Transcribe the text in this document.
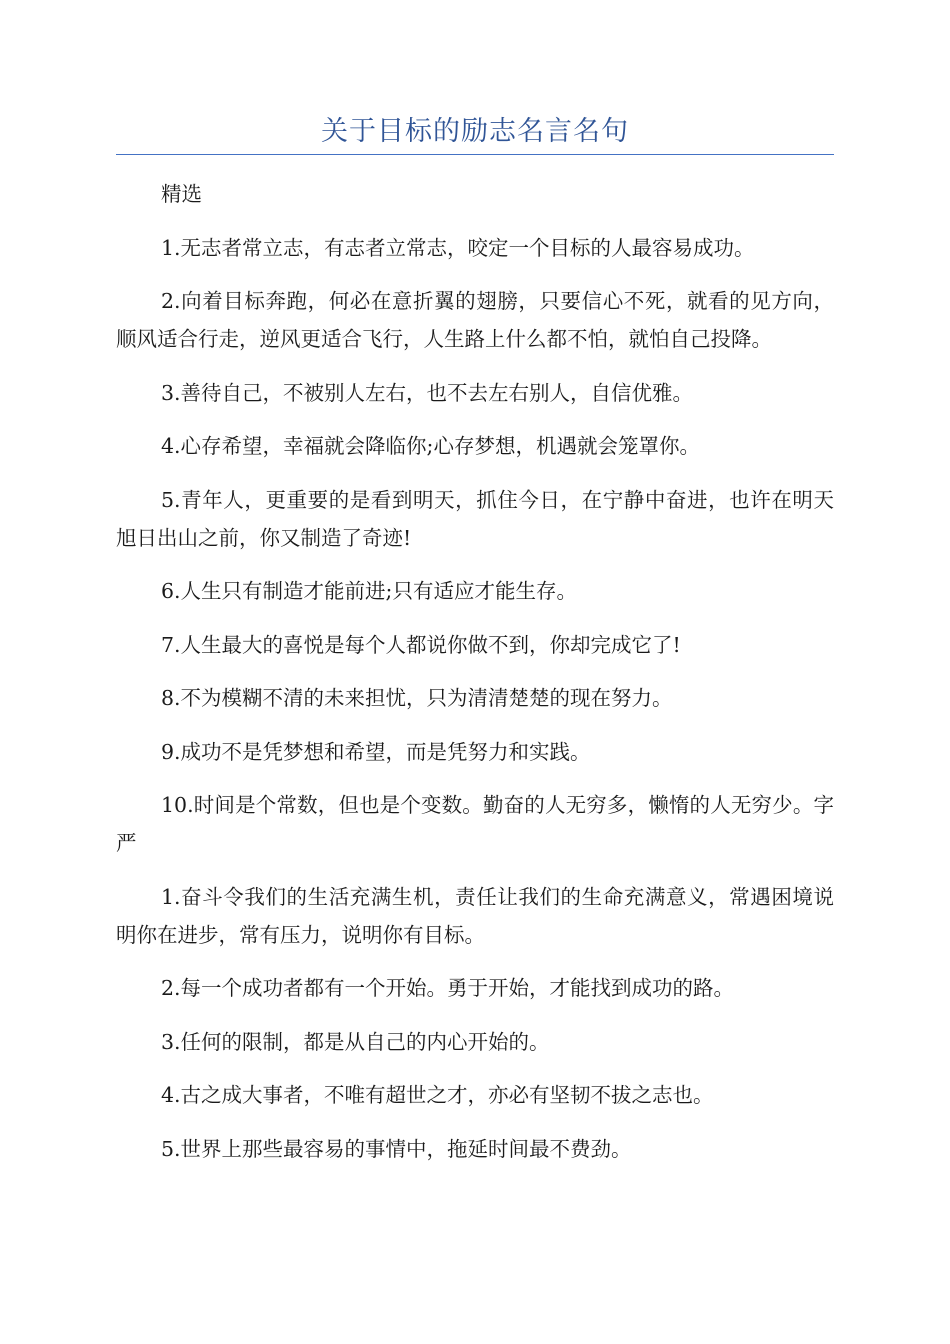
关于目标的励志名言名句

精选

1.无志者常立志，有志者立常志，咬定一个目标的人最容易成功。

2.向着目标奔跑，何必在意折翼的翅膀，只要信心不死，就看的见方向，顺风适合行走，逆风更适合飞行，人生路上什么都不怕，就怕自己投降。

3.善待自己，不被别人左右，也不去左右别人，自信优雅。

4.心存希望，幸福就会降临你;心存梦想，机遇就会笼罩你。

5.青年人，更重要的是看到明天，抓住今日，在宁静中奋进，也许在明天旭日出山之前，你又制造了奇迹!

6.人生只有制造才能前进;只有适应才能生存。

7.人生最大的喜悦是每个人都说你做不到，你却完成它了!

8.不为模糊不清的未来担忧，只为清清楚楚的现在努力。

9.成功不是凭梦想和希望，而是凭努力和实践。

10.时间是个常数，但也是个变数。勤奋的人无穷多，懒惰的人无穷少。字严

1.奋斗令我们的生活充满生机，责任让我们的生命充满意义，常遇困境说明你在进步，常有压力，说明你有目标。

2.每一个成功者都有一个开始。勇于开始，才能找到成功的路。

3.任何的限制，都是从自己的内心开始的。

4.古之成大事者，不唯有超世之才，亦必有坚韧不拔之志也。

5.世界上那些最容易的事情中，拖延时间最不费劲。
